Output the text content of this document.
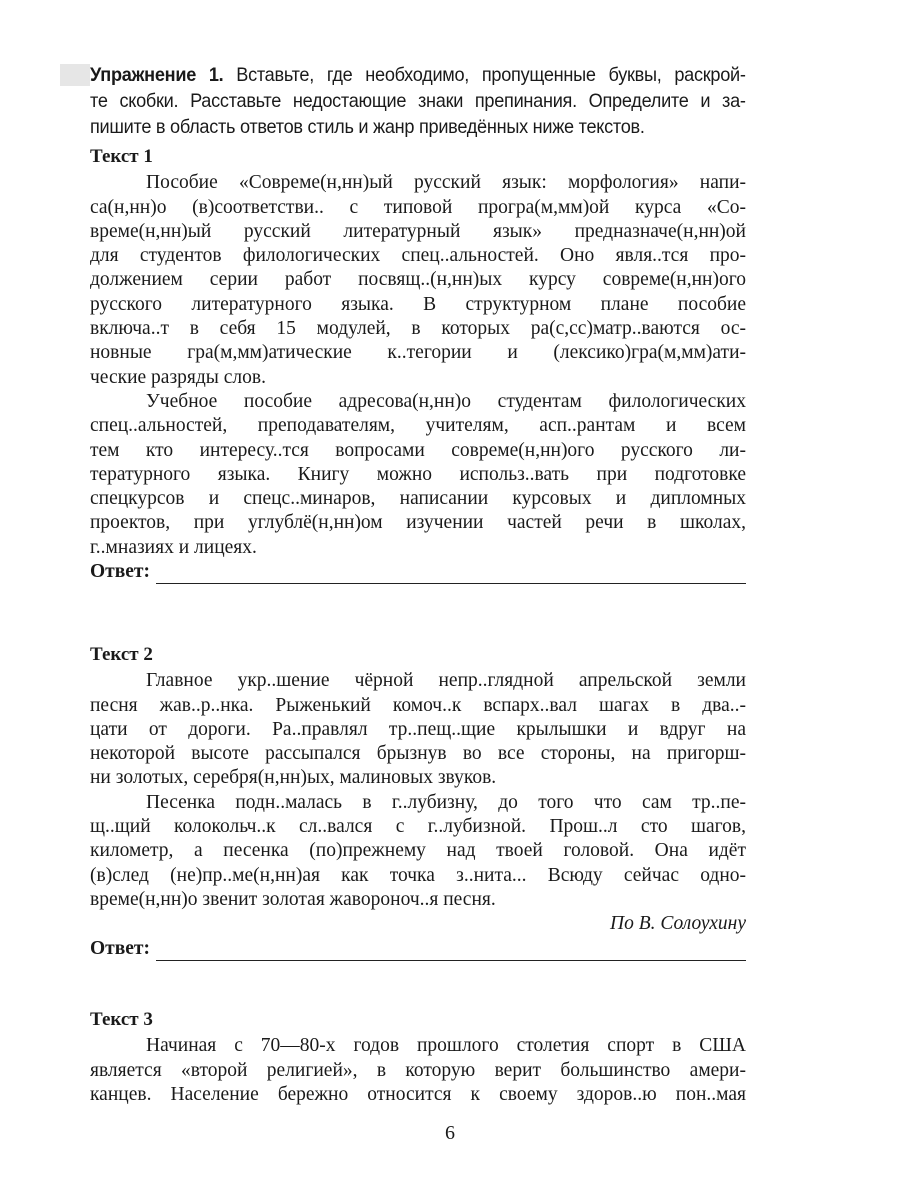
Упражнение 1. Вставьте, где необходимо, пропущенные буквы, раскрой-
те скобки. Расставьте недостающие знаки препинания. Определите и за-
пишите в область ответов стиль и жанр приведённых ниже текстов.
Текст 1
Пособие «Совреме(н,нн)ый русский язык: морфология» напи-
са(н,нн)о (в)соответстви.. с типовой програ(м,мм)ой курса «Со-
време(н,нн)ый русский литературный язык» предназначе(н,нн)ой
для студентов филологических спец..альностей. Оно явля..тся про-
должением серии работ посвящ..(н,нн)ых курсу совреме(н,нн)ого
русского литературного языка. В структурном плане пособие
включа..т в себя 15 модулей, в которых ра(с,сс)матр..ваются ос-
новные гра(м,мм)атические к..тегории и (лексико)гра(м,мм)ати-
ческие разряды слов.
Учебное пособие адресова(н,нн)о студентам филологических
спец..альностей, преподавателям, учителям, асп..рантам и всем
тем кто интересу..тся вопросами совреме(н,нн)ого русского ли-
тературного языка. Книгу можно использ..вать при подготовке
спецкурсов и спецс..минаров, написании курсовых и дипломных
проектов, при углублё(н,нн)ом изучении частей речи в школах,
г..мназиях и лицеях.
Ответ:
Текст 2
Главное укр..шение чёрной непр..глядной апрельской земли
песня жав..р..нка. Рыженький комоч..к вспарх..вал шагах в два..-
цати от дороги. Ра..правлял тр..пещ..щие крылышки и вдруг на
некоторой высоте рассыпался брызнув во все стороны, на пригорш-
ни золотых, серебря(н,нн)ых, малиновых звуков.
Песенка подн..малась в г..лубизну, до того что сам тр..пе-
щ..щий колокольч..к сл..вался с г..лубизной. Прош..л сто шагов,
километр, а песенка (по)прежнему над твоей головой. Она идёт
(в)след (не)пр..ме(н,нн)ая как точка з..нита... Всюду сейчас одно-
време(н,нн)о звенит золотая жавороноч..я песня.

По В. Солоухину

Ответ:
Текст 3
Начиная с 70—80-х годов прошлого столетия спорт в США
является «второй религией», в которую верит большинство амери-
канцев. Население бережно относится к своему здоров..ю пон..мая
6
